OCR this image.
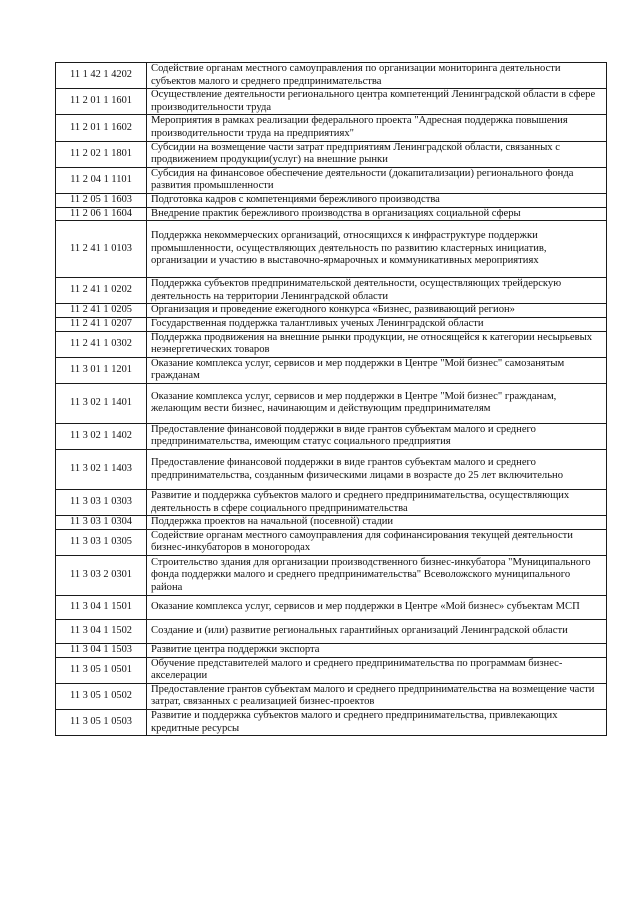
11 1 42 1 4202	Содействие органам местного самоуправления по организации мониторинга деятельности субъектов малого и среднего предпринимательства
11 2 01 1 1601	Осуществление деятельности регионального центра компетенций Ленинградской области в сфере производительности труда
11 2 01 1 1602	Мероприятия в рамках реализации федерального проекта "Адресная поддержка повышения производительности труда на предприятиях"
11 2 02 1 1801	Субсидии на возмещение части затрат предприятиям Ленинградской области, связанных с продвижением продукции(услуг) на внешние рынки
11 2 04 1 1101	Субсидия на финансовое обеспечение деятельности (докапитализации) регионального фонда развития промышленности
11 2 05 1 1603	Подготовка кадров с компетенциями бережливого производства
11 2 06 1 1604	Внедрение практик бережливого производства в организациях социальной сферы
11 2 41 1 0103	Поддержка некоммерческих организаций, относящихся к инфраструктуре поддержки промышленности, осуществляющих деятельность по развитию кластерных инициатив, организации и участию в выставочно-ярмарочных и коммуникативных мероприятиях
11 2 41 1 0202	Поддержка субъектов предпринимательской деятельности, осуществляющих трейдерскую деятельность на территории Ленинградской области
11 2 41 1 0205	Организация и проведение ежегодного конкурса «Бизнес, развивающий регион»
11 2 41 1 0207	Государственная поддержка талантливых ученых Ленинградской области
11 2 41 1 0302	Поддержка продвижения на внешние рынки продукции, не относящейся к категории несырьевых неэнергетических товаров
11 3 01 1 1201	Оказание комплекса услуг, сервисов и мер поддержки в Центре "Мой бизнес" самозанятым гражданам
11 3 02 1 1401	Оказание комплекса услуг, сервисов и мер поддержки в Центре "Мой бизнес" гражданам, желающим вести бизнес, начинающим и действующим предпринимателям
11 3 02 1 1402	Предоставление финансовой поддержки в виде грантов субъектам малого и среднего предпринимательства, имеющим статус социального предприятия
11 3 02 1 1403	Предоставление финансовой поддержки в виде грантов субъектам малого и среднего предпринимательства, созданным физическими лицами в возрасте до 25 лет включительно
11 3 03 1 0303	Развитие и поддержка субъектов малого и среднего предпринимательства, осуществляющих деятельность в сфере социального предпринимательства
11 3 03 1 0304	Поддержка проектов на начальной (посевной) стадии
11 3 03 1 0305	Содействие органам местного самоуправления для софинансирования текущей деятельности бизнес-инкубаторов в моногородах
11 3 03 2 0301	Строительство здания для организации производственного бизнес-инкубатора "Муниципального фонда поддержки малого и среднего предпринимательства" Всеволожского муниципального района
11 3 04 1 1501	Оказание комплекса услуг, сервисов и мер поддержки в Центре «Мой бизнес» субъектам МСП
11 3 04 1 1502	Создание и (или) развитие региональных гарантийных организаций Ленинградской области
11 3 04 1 1503	Развитие центра поддержки экспорта
11 3 05 1 0501	Обучение представителей малого и среднего предпринимательства по программам бизнес-акселерации
11 3 05 1 0502	Предоставление грантов субъектам малого и среднего предпринимательства на возмещение части затрат, связанных с реализацией бизнес-проектов
11 3 05 1 0503	Развитие и поддержка субъектов малого и среднего предпринимательства, привлекающих кредитные ресурсы
